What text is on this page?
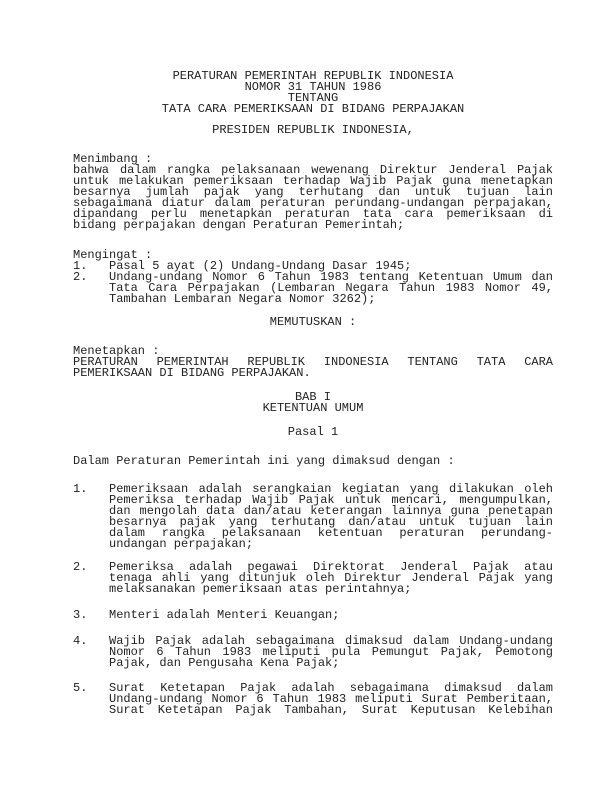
PERATURAN PEMERINTAH REPUBLIK INDONESIA
NOMOR 31 TAHUN 1986
TENTANG
TATA CARA PEMERIKSAAN DI BIDANG PERPAJAKAN
PRESIDEN REPUBLIK INDONESIA,
Menimbang :
bahwa dalam rangka pelaksanaan wewenang Direktur Jenderal Pajak
untuk melakukan pemeriksaan terhadap Wajib Pajak guna menetapkan
besarnya jumlah pajak yang terhutang dan untuk tujuan lain
sebagaimana diatur dalam peraturan perundang-undangan perpajakan,
dipandang perlu menetapkan peraturan tata cara pemeriksaan di
bidang perpajakan dengan Peraturan Pemerintah;
Mengingat :
1.	Pasal 5 ayat (2) Undang-Undang Dasar 1945;
2.	Undang-undang Nomor 6 Tahun 1983 tentang Ketentuan Umum dan
Tata Cara Perpajakan (Lembaran Negara Tahun 1983 Nomor 49,
Tambahan Lembaran Negara Nomor 3262);
MEMUTUSKAN :
Menetapkan :
PERATURAN PEMERINTAH REPUBLIK INDONESIA TENTANG TATA CARA
PEMERIKSAAN DI BIDANG PERPAJAKAN.
BAB I
KETENTUAN UMUM
Pasal 1
Dalam Peraturan Pemerintah ini yang dimaksud dengan :
1.	Pemeriksaan adalah serangkaian kegiatan yang dilakukan oleh
Pemeriksa terhadap Wajib Pajak untuk mencari, mengumpulkan,
dan mengolah data dan/atau keterangan lainnya guna penetapan
besarnya pajak yang terhutang dan/atau untuk tujuan lain
dalam rangka pelaksanaan ketentuan peraturan perundang-
undangan perpajakan;
2.	Pemeriksa adalah pegawai Direktorat Jenderal Pajak atau
tenaga ahli yang ditunjuk oleh Direktur Jenderal Pajak yang
melaksanakan pemeriksaan atas perintahnya;
3.	Menteri adalah Menteri Keuangan;
4.	Wajib Pajak adalah sebagaimana dimaksud dalam Undang-undang
Nomor 6 Tahun 1983 meliputi pula Pemungut Pajak, Pemotong
Pajak, dan Pengusaha Kena Pajak;
5.	Surat Ketetapan Pajak adalah sebagaimana dimaksud dalam
Undang-undang Nomor 6 Tahun 1983 meliputi Surat Pemberitaan,
Surat Ketetapan Pajak Tambahan, Surat Keputusan Kelebihan
